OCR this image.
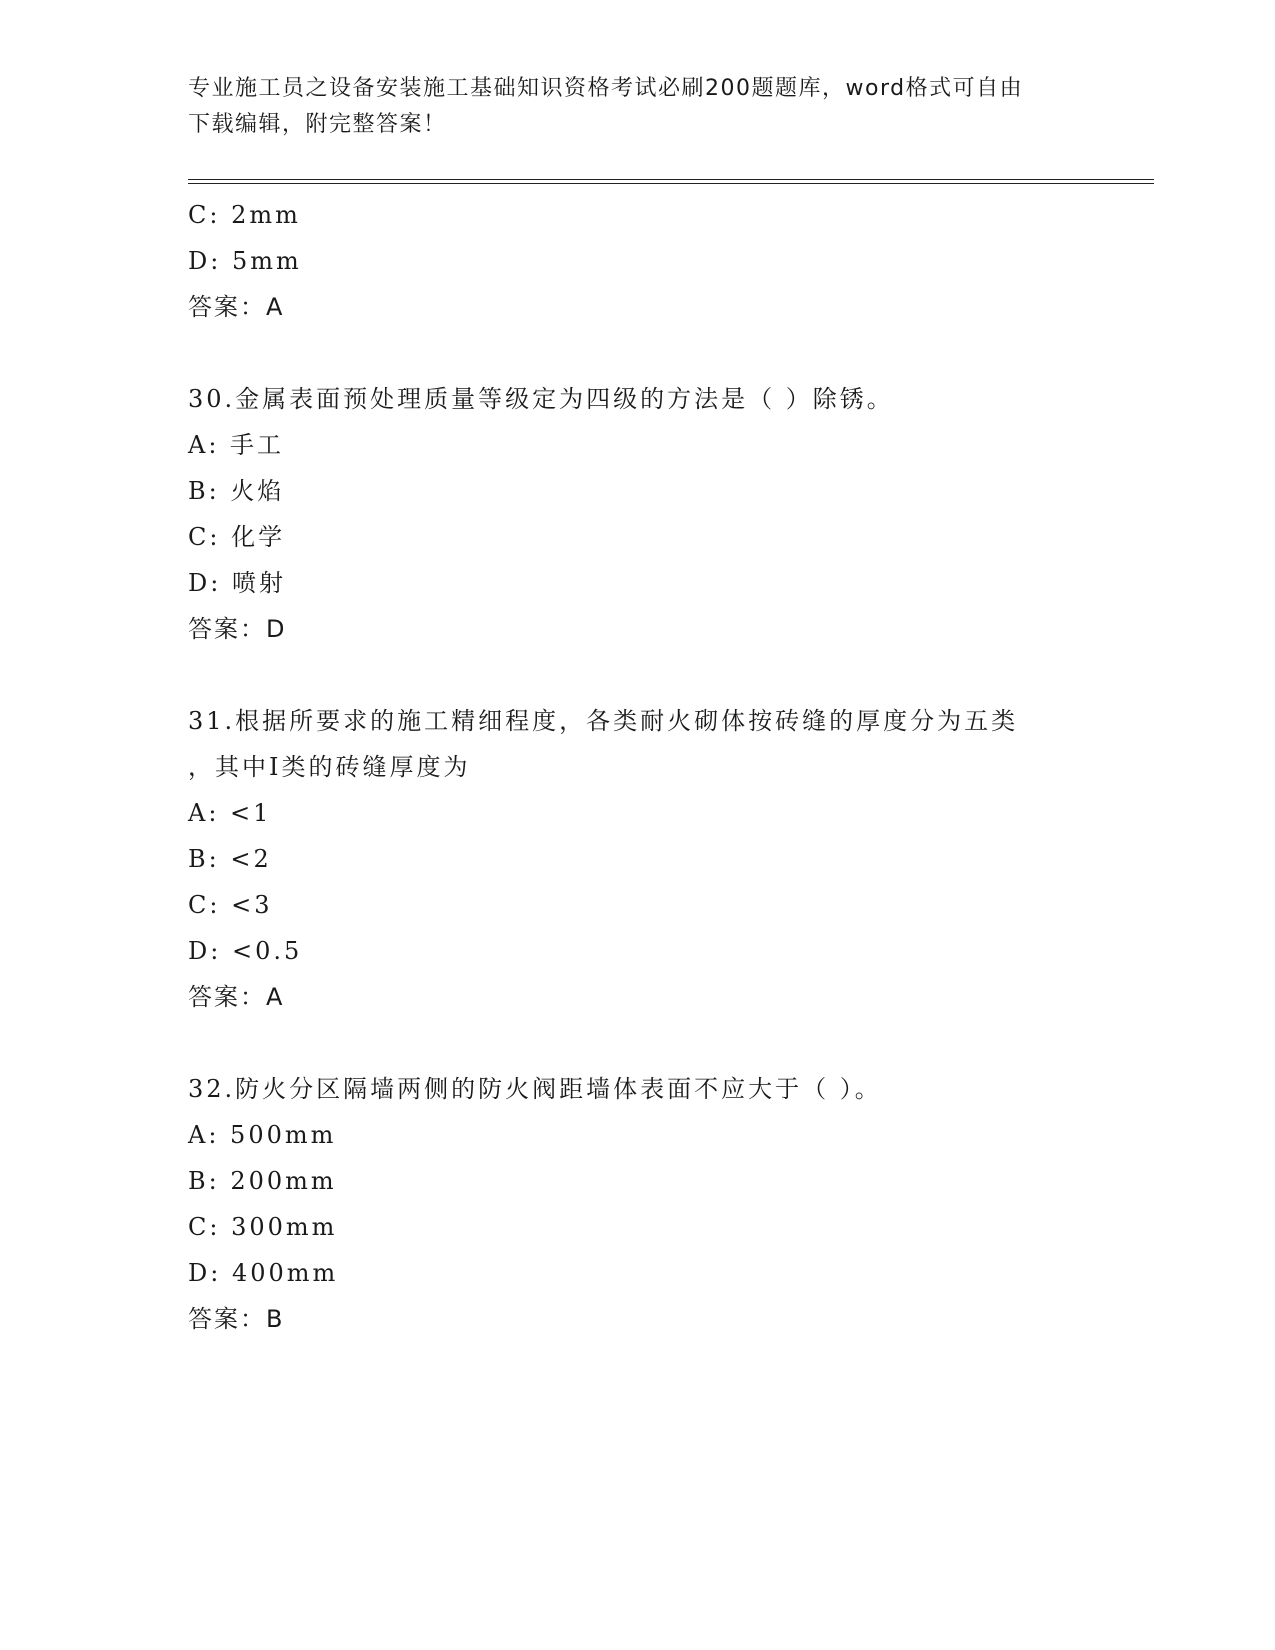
专业施工员之设备安装施工基础知识资格考试必刷200题题库，word格式可自由
下载编辑，附完整答案！
C: 2mm
D: 5mm
答案：A
30.金属表面预处理质量等级定为四级的方法是（ ）除锈。
A: 手工
B: 火焰
C: 化学
D: 喷射
答案：D
31.根据所要求的施工精细程度，各类耐火砌体按砖缝的厚度分为五类
，其中Ⅰ类的砖缝厚度为
A: <1
B: <2
C: <3
D: <0.5
答案：A
32.防火分区隔墙两侧的防火阀距墙体表面不应大于（ ）。
A: 500mm
B: 200mm
C: 300mm
D: 400mm
答案：B
